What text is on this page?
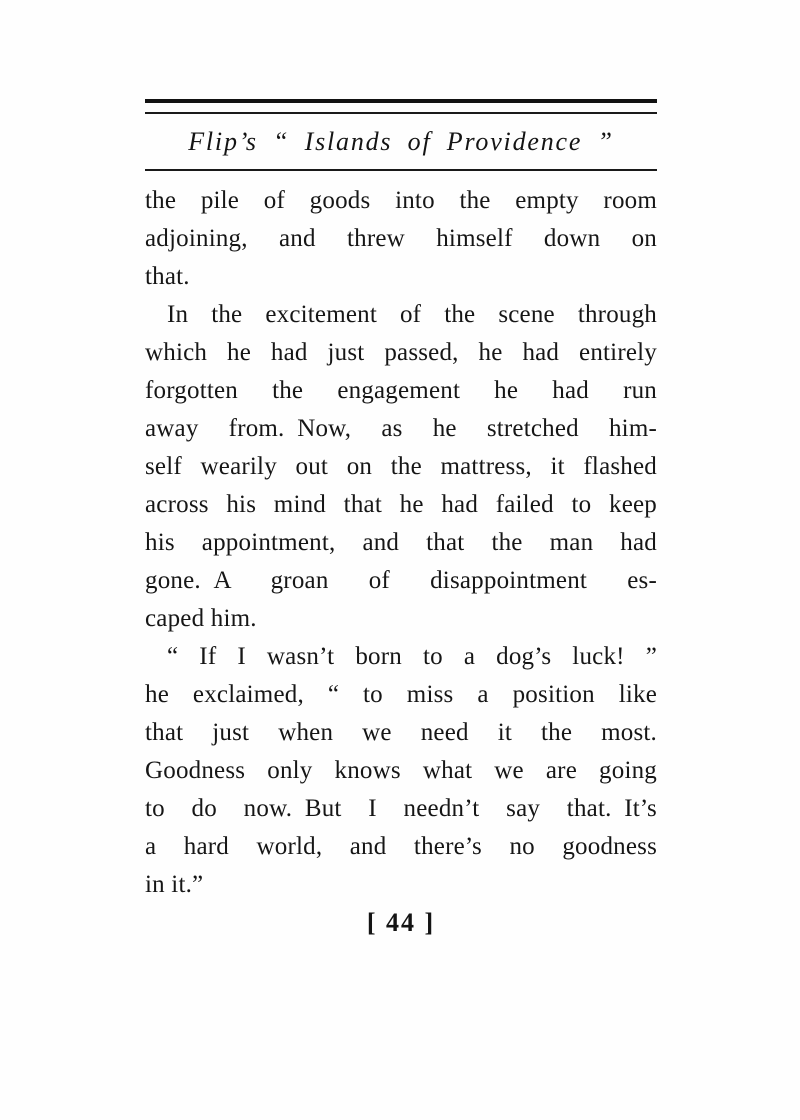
Flip’s “ Islands of Providence ”
the pile of goods into the empty room
adjoining, and threw himself down on
that.
In the excitement of the scene through
which he had just passed, he had entirely
forgotten the engagement he had run
away from. Now, as he stretched him-
self wearily out on the mattress, it flashed
across his mind that he had failed to keep
his appointment, and that the man had
gone. A groan of disappointment es-
caped him.
“ If I wasn’t born to a dog’s luck! ”
he exclaimed, “ to miss a position like
that just when we need it the most.
Goodness only knows what we are going
to do now. But I needn’t say that. It’s
a hard world, and there’s no goodness
in it.”
[ 44 ]
